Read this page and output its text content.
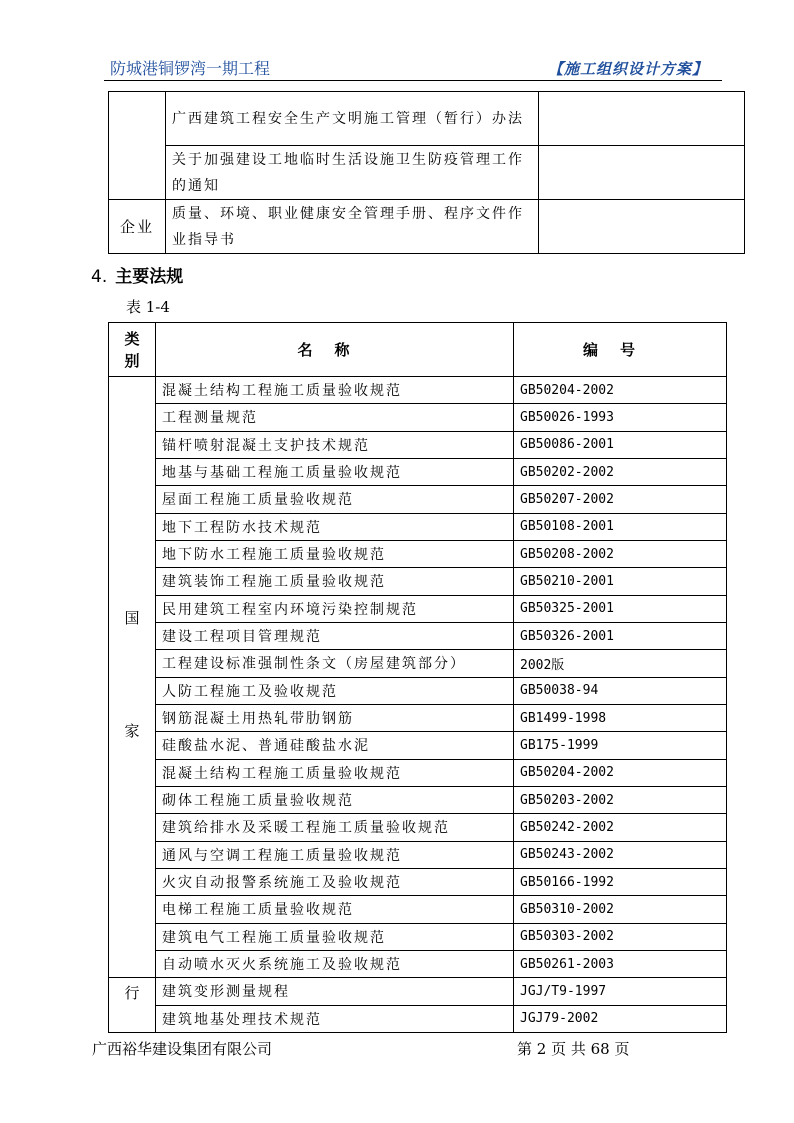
防城港铜锣湾一期工程	【施工组织设计方案】
	广西建筑工程安全生产文明施工管理（暂行）办法	
	关于加强建设工地临时生活设施卫生防疫管理工作的通知	
企业	质量、环境、职业健康安全管理手册、程序文件作业指导书	
4. 主要法规
表 1-4
类别	名称	编号

国
家	混凝土结构工程施工质量验收规范	GB50204-2002
	工程测量规范	GB50026-1993
	锚杆喷射混凝土支护技术规范	GB50086-2001
	地基与基础工程施工质量验收规范	GB50202-2002
	屋面工程施工质量验收规范	GB50207-2002
	地下工程防水技术规范	GB50108-2001
	地下防水工程施工质量验收规范	GB50208-2002
	建筑装饰工程施工质量验收规范	GB50210-2001
	民用建筑工程室内环境污染控制规范	GB50325-2001
	建设工程项目管理规范	GB50326-2001
	工程建设标准强制性条文（房屋建筑部分）	2002版
	人防工程施工及验收规范	GB50038-94
	钢筋混凝土用热轧带肋钢筋	GB1499-1998
	硅酸盐水泥、普通硅酸盐水泥	GB175-1999
	混凝土结构工程施工质量验收规范	GB50204-2002
	砌体工程施工质量验收规范	GB50203-2002
	建筑给排水及采暖工程施工质量验收规范	GB50242-2002
	通风与空调工程施工质量验收规范	GB50243-2002
	火灾自动报警系统施工及验收规范	GB50166-1992
	电梯工程施工质量验收规范	GB50310-2002
	建筑电气工程施工质量验收规范	GB50303-2002
	自动喷水灭火系统施工及验收规范	GB50261-2003
行	建筑变形测量规程	JGJ/T9-1997
	建筑地基处理技术规范	JGJ79-2002
广西裕华建设集团有限公司	第 2 页 共 68 页
